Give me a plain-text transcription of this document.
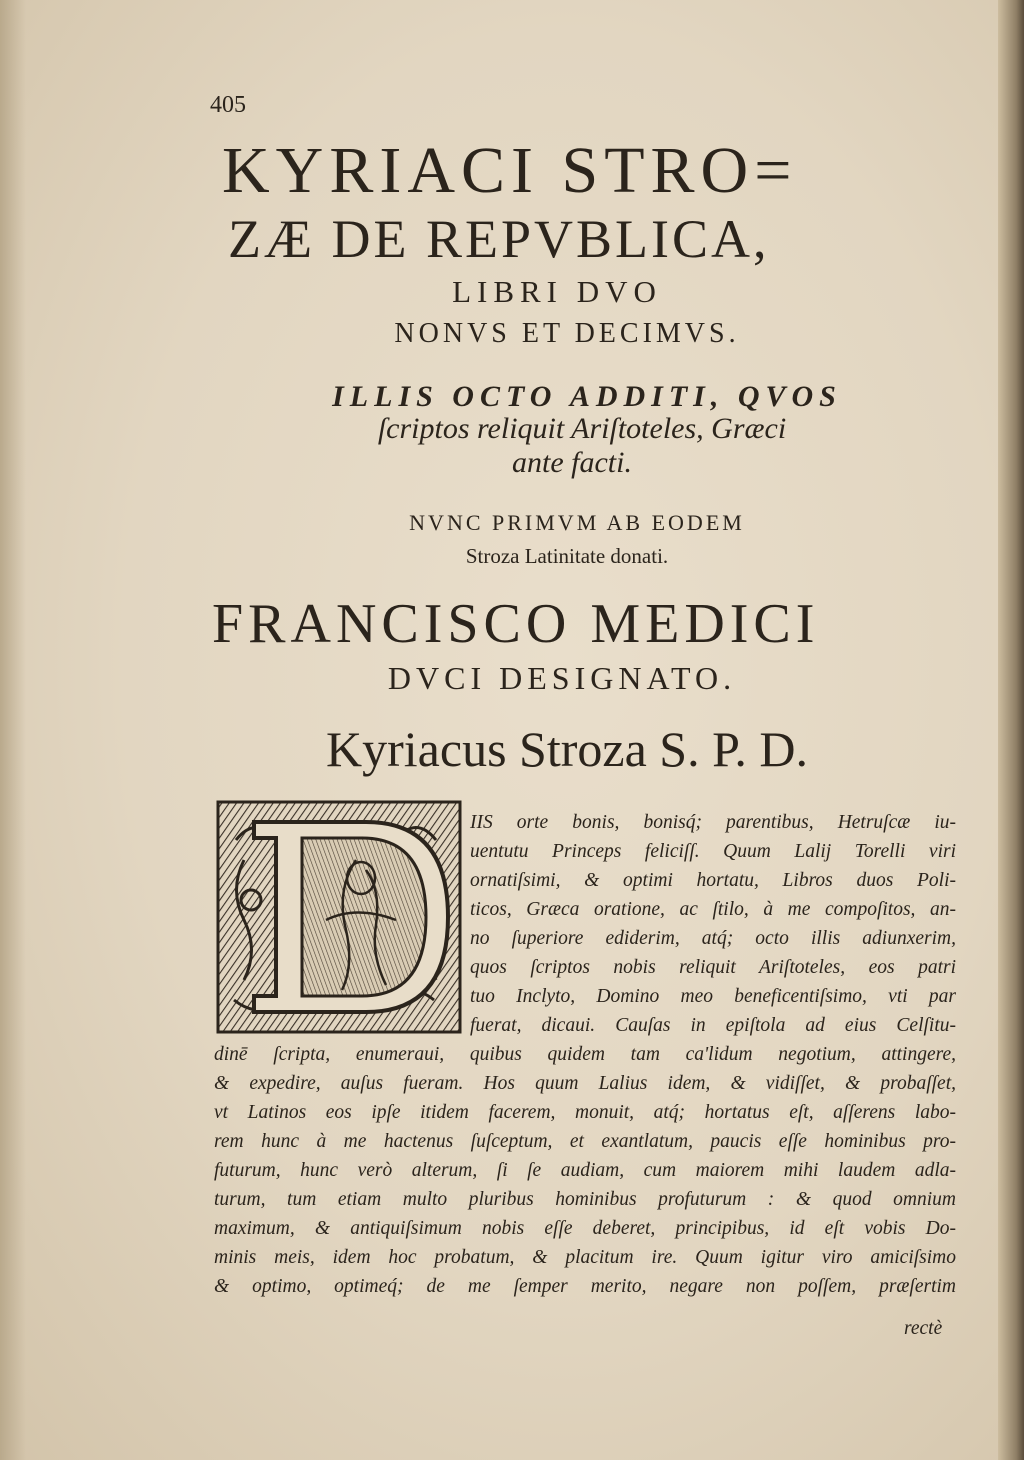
405
KYRIACI STRO=
ZÆ DE REPVBLICA,
LIBRI DVO
NONVS ET DECIMVS.
ILLIS OCTO ADDITI, QVOS
ſcriptos reliquit Ariſtoteles, Græci
ante facti.
NVNC PRIMVM AB EODEM
Stroza Latinitate donati.
FRANCISCO MEDICI
DVCI DESIGNATO.
Kyriacus Stroza S. P. D.
IIS orte bonis, bonisq́; parentibus, Hetruſcæ iu-
uentutu Princeps feliciſſ. Quum Lalij Torelli viri
ornatiſsimi, & optimi hortatu, Libros duos Poli-
ticos, Græca oratione, ac ſtilo, à me compoſitos, an-
no ſuperiore ediderim, atq́; octo illis adiunxerim,
quos ſcriptos nobis reliquit Ariſtoteles, eos patri
tuo Inclyto, Domino meo beneficentiſsimo, vti par
fuerat, dicaui. Cauſas in epiſtola ad eius Celſitu-
dinē ſcripta, enumeraui, quibus quidem tam ca'lidum negotium, attingere,
& expedire, auſus fueram. Hos quum Lalius idem, & vidiſſet, & probaſſet,
vt Latinos eos ipſe itidem facerem, monuit, atq́; hortatus eſt, aſſerens labo-
rem hunc à me hactenus ſuſceptum, et exantlatum, paucis eſſe hominibus pro-
futurum, hunc verò alterum, ſi ſe audiam, cum maiorem mihi laudem adla-
turum, tum etiam multo pluribus hominibus profuturum : & quod omnium
maximum, & antiquiſsimum nobis eſſe deberet, principibus, id eſt vobis Do-
minis meis, idem hoc probatum, & placitum ire. Quum igitur viro amiciſsimo
& optimo, optimeq́; de me ſemper merito, negare non poſſem, præſertim
rectè
